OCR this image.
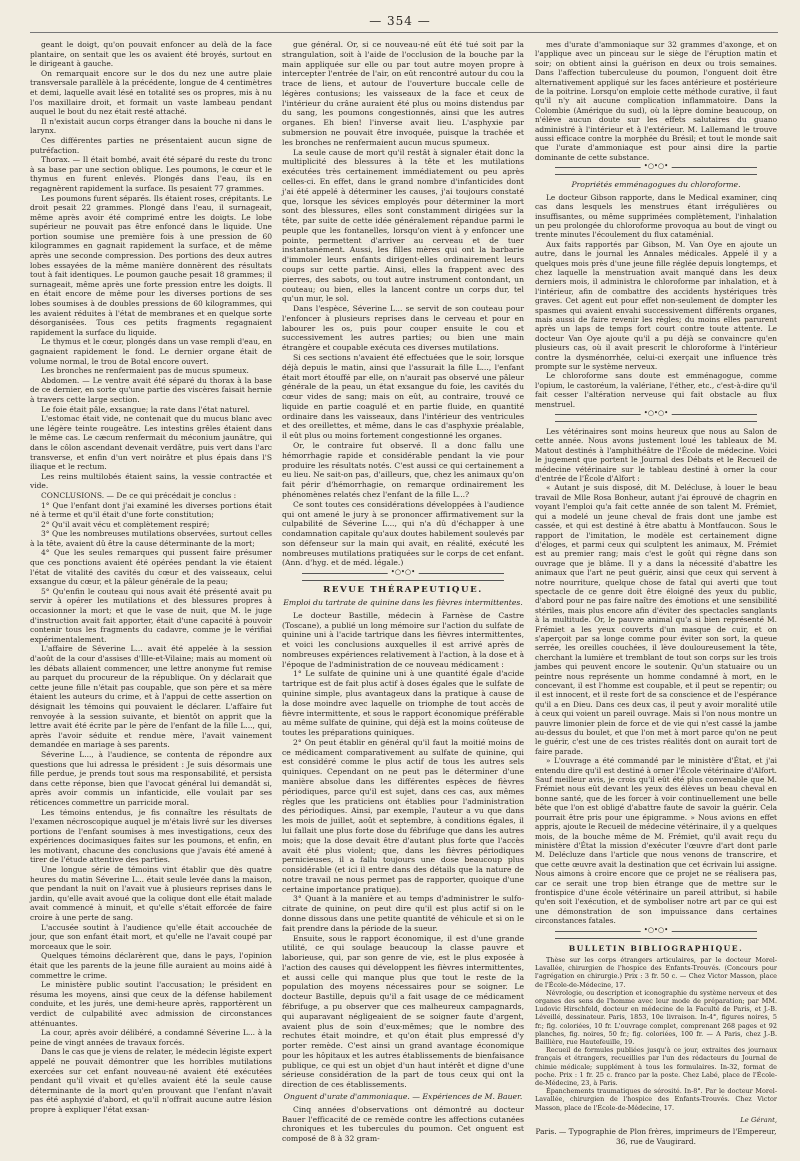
— 354 —

geant le doigt, qu'on pouvait enfoncer au delà de la face plantaire, on sentait que les os avaient été broyés, surtout en le dirigeant à gauche.

On remarquait encore sur le dos du nez une autre plaie transversale parallèle à la précédente, longue de 4 centimètres et demi, laquelle avait lésé en totalité ses os propres, mis à nu l'os maxillaire droit, et formait un vaste lambeau pendant auquel le bout du nez était resté attaché.

Il n'existait aucun corps étranger dans la bouche ni dans le larynx.

Ces différentes parties ne présentaient aucun signe de putréfaction.

Thorax. — Il était bombé, avait été séparé du reste du tronc à sa base par une section oblique. Les poumons, le cœur et le thymus en furent enlevés. Plongés dans l'eau, ils en regagnèrent rapidement la surface. Ils pesaient 77 grammes.

Les poumons furent séparés. Ils étaient roses, crépitants. Le droit pesait 22 grammes. Plongé dans l'eau, il surnageait, même après avoir été comprimé entre les doigts. Le lobe supérieur ne pouvait pas être enfoncé dans le liquide. Une portion soumise une première fois à une pression de 60 kilogrammes en gagnait rapidement la surface, et de même après une seconde compression. Des portions des deux autres lobes essayées de la même manière donnèrent des résultats tout à fait identiques. Le poumon gauche pesait 18 grammes; il surnageait, même après une forte pression entre les doigts. Il en était encore de même pour les diverses portions de ses lobes soumises à de doubles pressions de 60 kilogrammes, qui les avaient réduites à l'état de membranes et en quelque sorte désorganisées. Tous ces petits fragments regagnaient rapidement la surface du liquide.

Le thymus et le cœur, plongés dans un vase rempli d'eau, en gagnaient rapidement le fond. Le dernier organe était de volume normal, le trou de Botal encore ouvert.

Les bronches ne renfermaient pas de mucus spumeux.

Abdomen. — Le ventre avait été séparé du thorax à la base de ce dernier, en sorte qu'une partie des viscères faisait hernie à travers cette large section.

Le foie était pâle, exsangue; la rate dans l'état naturel.

L'estomac était vide, ne contenait que du mucus blanc avec une légère teinte rougeâtre. Les intestins grêles étaient dans le même cas. Le cæcum renfermait du méconium jaunâtre, qui dans le côlon ascendant devenait verdâtre, puis vert dans l'arc transverse, et enfin d'un vert noirâtre et plus épais dans l'S iliaque et le rectum.

Les reins multilobés étaient sains, la vessie contractée et vide.

CONCLUSIONS. — De ce qui précédait je conclus :

1° Que l'enfant dont j'ai examiné les diverses portions était né à terme et qu'il était d'une forte constitution;

2° Qu'il avait vécu et complètement respiré;

3° Que les nombreuses mutilations observées, surtout celles à la tête, avaient dû être la cause déterminante de la mort;

4° Que les seules remarques qui pussent faire présumer que ces ponctions avaient été opérées pendant la vie étaient l'état de vitalité des cavités du cœur et des vaisseaux, celui exsangue du cœur, et la pâleur générale de la peau;

5° Qu'enfin le couteau qui nous avait été présenté avait pu servir à opérer les mutilations et des blessures propres à occasionner la mort; et que le vase de nuit, que M. le juge d'instruction avait fait apporter, était d'une capacité à pouvoir contenir tous les fragments du cadavre, comme je le vérifiai expérimentalement.

L'affaire de Séverine L... avait été appelée à la session d'août de la cour d'assises d'Ille-et-Vilaine; mais au moment où les débats allaient commencer, une lettre anonyme fut remise au parquet du procureur de la république. On y déclarait que cette jeune fille n'était pas coupable, que son père et sa mère étaient les auteurs du crime, et à l'appui de cette assertion on désignait les témoins qui pouvaient le déclarer. L'affaire fut renvoyée à la session suivante, et bientôt on apprit que la lettre avait été écrite par le père de l'enfant de la fille L..., qui, après l'avoir séduite et rendue mère, l'avait vainement demandée en mariage à ses parents.

Séverine L..., à l'audience, se contenta de répondre aux questions que lui adressa le président : Je suis désormais une fille perdue, je prends tout sous ma responsabilité, et persista dans cette réponse, bien que l'avocat général lui demandât si, après avoir commis un infanticide, elle voulait par ses réticences commettre un parricide moral.

Les témoins entendus, je fis connaître les résultats de l'examen nécroscopique auquel je m'étais livré sur les diverses portions de l'enfant soumises à mes investigations, ceux des expériences docimasiques faites sur les poumons, et enfin, en les motivant, chacune des conclusions que j'avais été amené à tirer de l'étude attentive des parties.

Une longue série de témoins vint établir que dès quatre heures du matin Séverine L... était seule levée dans la maison, que pendant la nuit on l'avait vue à plusieurs reprises dans le jardin, qu'elle avait avoué que la colique dont elle était malade avait commencé à minuit, et qu'elle s'était efforcée de faire croire à une perte de sang.

L'accusée soutint à l'audience qu'elle était accouchée de jour, que son enfant était mort, et qu'elle ne l'avait coupé par morceaux que le soir.

Quelques témoins déclarèrent que, dans le pays, l'opinion était que les parents de la jeune fille auraient au moins aidé à commettre le crime.

Le ministère public soutint l'accusation; le président en résuma les moyens, ainsi que ceux de la défense habilement conduite, et les jurés, une demi-heure après, rapportèrent un verdict de culpabilité avec admission de circonstances atténuantes.

La cour, après avoir délibéré, a condamné Séverine L... à la peine de vingt années de travaux forcés.

Dans le cas que je viens de relater, le médecin légiste expert appelé ne pouvait démontrer que les horribles mutilations exercées sur cet enfant nouveau-né avaient été exécutées pendant qu'il vivait et qu'elles avaient été la seule cause déterminante de la mort qu'en prouvant que l'enfant n'avait pas été asphyxié d'abord, et qu'il n'offrait aucune autre lésion propre à expliquer l'état exsan-

gue général. Or, si ce nouveau-né eût été tué soit par la strangulation, soit à l'aide de l'occlusion de la bouche par la main appliquée sur elle ou par tout autre moyen propre à intercepter l'entrée de l'air, on eût rencontré autour du cou la trace de liens, et autour de l'ouverture buccale celle de légères contusions; les vaisseaux de la face et ceux de l'intérieur du crâne auraient été plus ou moins distendus par du sang, les poumons congestionnés, ainsi que les autres organes. Eh bien! l'inverse avait lieu. L'asphyxie par submersion ne pouvait être invoquée, puisque la trachée et les bronches ne renfermaient aucun mucus spumeux.

La seule cause de mort qu'il restât à signaler était donc la multiplicité des blessures à la tête et les mutilations exécutées très certainement immédiatement ou peu après celles-ci. En effet, dans le grand nombre d'infanticides dont j'ai été appelé à déterminer les causes, j'ai toujours constaté que, lorsque les sévices employés pour déterminer la mort sont des blessures, elles sont constamment dirigées sur la tête, par suite de cette idée généralement répandue parmi le peuple que les fontanelles, lorsqu'on vient à y enfoncer une pointe, permettent d'arriver au cerveau et de tuer instantanément. Aussi, les filles mères qui ont la barbarie d'immoler leurs enfants dirigent-elles ordinairement leurs coups sur cette partie. Ainsi, elles la frappent avec des pierres, des sabots, ou tout autre instrument contondant, un couteau; ou bien, elles la lancent contre un corps dur, tel qu'un mur, le sol.

Dans l'espèce, Séverine L... se servit de son couteau pour l'enfoncer à plusieurs reprises dans le cerveau et pour en labourer les os, puis pour couper ensuite le cou et successivement les autres parties; ou bien une main étrangère et coupable exécuta ces diverses mutilations.

Si ces sections n'avaient été effectuées que le soir, lorsque déjà depuis le matin, ainsi que l'assurait la fille L..., l'enfant était mort étouffé par elle, on n'aurait pas observé une pâleur générale de la peau, un état exsangue du foie, les cavités du cœur vides de sang; mais on eût, au contraire, trouvé ce liquide en partie coagulé et en partie fluide, en quantité ordinaire dans les vaisseaux, dans l'intérieur des ventricules et des oreillettes, et même, dans le cas d'asphyxie préalable, il eût plus ou moins fortement congestionné les organes.

Or, le contraire fut observé. Il a donc fallu une hémorrhagie rapide et considérable pendant la vie pour produire les résultats notés. C'est aussi ce qui certainement a eu lieu. Ne sait-on pas, d'ailleurs, que, chez les animaux qu'on fait périr d'hémorrhagie, on remarque ordinairement les phénomènes relatés chez l'enfant de la fille L...?

Ce sont toutes ces considérations développées à l'audience qui ont amené le jury à se prononcer affirmativement sur la culpabilité de Séverine L..., qui n'a dû d'échapper à une condamnation capitale qu'aux doutes habilement soulevés par son défenseur sur la main qui avait, en réalité, exécuté les nombreuses mutilations pratiquées sur le corps de cet enfant. (Ann. d'hyg. et de méd. légale.)

•○•○•
REVUE THÉRAPEUTIQUE.
Emploi du tartrate de quinine dans les fièvres intermittentes.

Le docteur Bastille, médecin à Farnèse de Castre (Toscane), a publié un long mémoire sur l'action du sulfate de quinine uni à l'acide tartrique dans les fièvres intermittentes, et voici les conclusions auxquelles il est arrivé après de nombreuses expériences relativement à l'action, à la dose et à l'époque de l'administration de ce nouveau médicament :

1° Le sulfate de quinine uni à une quantité égale d'acide tartrique est de fait plus actif à doses égales que le sulfate de quinine simple, plus avantageux dans la pratique à cause de la dose moindre avec laquelle on triomphe de tout accès de fièvre intermittente, et sous le rapport économique préférable au même sulfate de quinine, qui déjà est la moins coûteuse de toutes les préparations quiniques.

2° On peut établir en général qu'il faut la moitié moins de ce médicament comparativement au sulfate de quinine, qui est considéré comme le plus actif de tous les autres sels quiniques. Cependant on ne peut pas le déterminer d'une manière absolue dans les différentes espèces de fièvres périodiques, parce qu'il est sujet, dans ces cas, aux mêmes règles que les praticiens ont établies pour l'administration des périodiques. Ainsi, par exemple, l'auteur a vu que dans les mois de juillet, août et septembre, à conditions égales, il lui fallait une plus forte dose du fébrifuge que dans les autres mois; que la dose devait être d'autant plus forte que l'accès avait été plus violent; que, dans les fièvres périodiques pernicieuses, il a fallu toujours une dose beaucoup plus considérable (et ici il entre dans des détails que la nature de notre travail ne nous permet pas de rapporter, quoique d'une certaine importance pratique).

3° Quant à la manière et au temps d'administrer le sulfo-citrate de quinine, on peut dire qu'il est plus actif si on le donne dissous dans une petite quantité de véhicule et si on le fait prendre dans la période de la sueur.

Ensuite, sous le rapport économique, il est d'une grande utilité, ce qui soulage beaucoup la classe pauvre et laborieuse, qui, par son genre de vie, est le plus exposée à l'action des causes qui développent les fièvres intermittentes, et aussi celle qui manque plus que tout le reste de la population des moyens nécessaires pour se soigner. Le docteur Bastille, depuis qu'il a fait usage de ce médicament fébrifuge, a pu observer que ces malheureux campagnards, qui auparavant négligeaient de se soigner faute d'argent, avaient plus de soin d'eux-mêmes; que le nombre des rechutes était moindre, et qu'on était plus empressé d'y porter remède. C'est ainsi un grand avantage économique pour les hôpitaux et les autres établissements de bienfaisance publique, ce qui est un objet d'un haut intérêt et digne d'une sérieuse considération de la part de tous ceux qui ont la direction de ces établissements.

Onguent d'urate d'ammoniaque. — Expériences de M. Bauer.

Cinq années d'observations ont démontré au docteur Bauer l'efficacité de ce remède contre les affections cutanées chroniques et les tubercules du poumon. Cet onguent est composé de 8 à 32 gram-

mes d'urate d'ammoniaque sur 32 grammes d'axonge, et on l'applique avec un pinceau sur le siège de l'éruption matin et soir; on obtient ainsi la guérison en deux ou trois semaines. Dans l'affection tuberculeuse du poumon, l'onguent doit être alternativement appliqué sur les faces antérieure et postérieure de la poitrine. Lorsqu'on emploie cette méthode curative, il faut qu'il n'y ait aucune complication inflammatoire. Dans la Colombie (Amérique du sud), où la lèpre domine beaucoup, on n'élève aucun doute sur les effets salutaires du guano administré à l'intérieur et à l'extérieur. M. Lallemand le trouve aussi efficace contre la morphée du Brésil; et tout le monde sait que l'urate d'ammoniaque est pour ainsi dire la partie dominante de cette substance.

•○•○•
Propriétés emménagogues du chloroforme.

Le docteur Gibson rapporte, dans le Medical examiner, cinq cas dans lesquels les menstrues étant irrégulières ou insuffisantes, ou même supprimées complètement, l'inhalation un peu prolongée du chloroforme provoqua au bout de vingt ou trente minutes l'écoulement du flux cataménial.

Aux faits rapportés par Gibson, M. Van Oye en ajoute un autre, dans le journal les Annales médicales. Appelé il y a quelques mois près d'une jeune fille réglée depuis longtemps, et chez laquelle la menstruation avait manqué dans les deux derniers mois, il administra le chloroforme par inhalation, et à l'intérieur, afin de combattre des accidents hystériques très graves. Cet agent eut pour effet non-seulement de dompter les spasmes qui avaient envahi successivement différents organes, mais aussi de faire revenir les règles; du moins elles parurent après un laps de temps fort court contre toute attente. Le docteur Van Oye ajoute qu'il a pu déjà se convaincre qu'en plusieurs cas, où il avait prescrit le chloroforme à l'intérieur contre la dysménorrhée, celui-ci exerçait une influence très prompte sur le système nerveux.

Le chloroforme sans doute est emménagogue, comme l'opium, le castoréum, la valériane, l'éther, etc., c'est-à-dire qu'il fait cesser l'altération nerveuse qui fait obstacle au flux menstruel.

•○•○•

Les vétérinaires sont moins heureux que nous au Salon de cette année. Nous avons justement loué les tableaux de M. Matout destinés à l'amphithéâtre de l'École de médecine. Voici le jugement que portent le Journal des Débats et le Recueil de médecine vétérinaire sur le tableau destiné à orner la cour d'entrée de l'École d'Alfort :

« Autant je suis disposé, dit M. Delécluse, à louer le beau travail de Mlle Rosa Bonheur, autant j'ai éprouvé de chagrin en voyant l'emploi qu'a fait cette année de son talent M. Frémiet, qui a modelé un jeune cheval de frais dont une jambe est cassée, et qui est destiné à être abattu à Montfaucon. Sous le rapport de l'imitation, le modèle est certainement digne d'éloges, et parmi ceux qui sculptent les animaux, M. Frémiet est au premier rang; mais c'est le goût qui règne dans son ouvrage que je blâme. Il y a dans la nécessité d'abattre les animaux que l'art ne peut guérir, ainsi que ceux qui servent à notre nourriture, quelque chose de fatal qui averti que tout spectacle de ce genre doit être éloigné des yeux du public, d'abord pour ne pas faire naître des émotions et une sensibilité stériles, mais plus encore afin d'éviter des spectacles sanglants à la multitude. Or, le pauvre animal qu'a si bien représenté M. Frémiet a les yeux couverts d'un masque de cuir, et on s'aperçoit par sa longe comme pour éviter son sort, la queue serrée, les oreilles couchées, il lève douloureusement la tête, cherchant la lumière et tremblant de tout son corps sur les trois jambes qui peuvent encore le soutenir. Qu'un statuaire ou un peintre nous représente un homme condamné à mort, en le concevant, il est l'homme est coupable, et il peut se repentir; ou il est innocent, et il reste fort de sa conscience et de l'espérance qu'il a en Dieu. Dans ces deux cas, il peut y avoir moralité utile à ceux qui voient un pareil ouvrage. Mais si l'on nous montre un pauvre limonier plein de force et de vie qui n'est cassé la jambe au-dessus du boulet, et que l'on met à mort parce qu'on ne peut le guérir, c'est une de ces tristes réalités dont on aurait tort de faire parade.

» L'ouvrage a été commandé par le ministère d'État, et j'ai entendu dire qu'il est destiné à orner l'École vétérinaire d'Alfort. Sauf meilleur avis, je crois qu'il eût été plus convenable que M. Frémiet nous eût devant les yeux des élèves un beau cheval en bonne santé, que de les forcer à voir continuellement une belle bête que l'on est obligé d'abattre faute de savoir la guérir. Cela pourrait être pris pour une épigramme. » Nous avions en effet appris, ajoute le Recueil de médecine vétérinaire, il y a quelques mois, de la bouche même de M. Frémiet, qu'il avait reçu du ministère d'État la mission d'exécuter l'œuvre d'art dont parle M. Delécluze dans l'article que nous venons de transcrire, et que cette œuvre avait la destination que cet écrivain lui assigne. Nous aimons à croire encore que ce projet ne se réalisera pas, car ce serait une trop bien étrange que de mettre sur le frontispice d'une école vétérinaire un pareil attribut, si habile qu'en soit l'exécution, et de symboliser notre art par ce qui est une démonstration de son impuissance dans certaines circonstances fatales.

•○•○•
BULLETIN BIBLIOGRAPHIQUE.

Thèse sur les corps étrangers articulaires, par le docteur Morel-Lavallée, chirurgien de l'hospice des Enfants-Trouvés. (Concours pour l'agrégation en chirurgie.) Prix : 3 fr. 50 c. — Chez Victor Masson, place de l'École-de-Médecine, 17.

Névrologie, ou description et iconographie du système nerveux et des organes des sens de l'homme avec leur mode de préparation; par MM. Ludovic Hirschfeld, docteur en médecine de la Faculté de Paris, et J.-B. Léveillé, dessinateur. Paris, 1853, 10e livraison. In-4°, figures noires, 5 fr.; fig. coloriées, 10 fr. L'ouvrage complet, comprenant 268 pages et 92 planches, fig. noires, 50 fr.; fig. coloriées, 100 fr. — A Paris, chez J.-B. Baillière, rue Hautefeuille, 19.

Recueil de formules publiées jusqu'à ce jour, extraites des journaux français et étrangers, recueillies par l'un des rédacteurs du Journal de chimie médicale; supplément à tous les formulaires. In-32, format de poche. Prix : 1 fr. 25 c. franco par la poste. Chez Labé, place de l'École-de-Médecine, 23, à Paris.

Épanchements traumatiques de sérosité. In-8°. Par le docteur Morel-Lavallée, chirurgien de l'hospice des Enfants-Trouvés. Chez Victor Masson, place de l'École-de-Médecine, 17.

Le Gérant,
Paris. — Typographie de Plon frères, imprimeurs de l'Empereur, 36, rue de Vaugirard.
